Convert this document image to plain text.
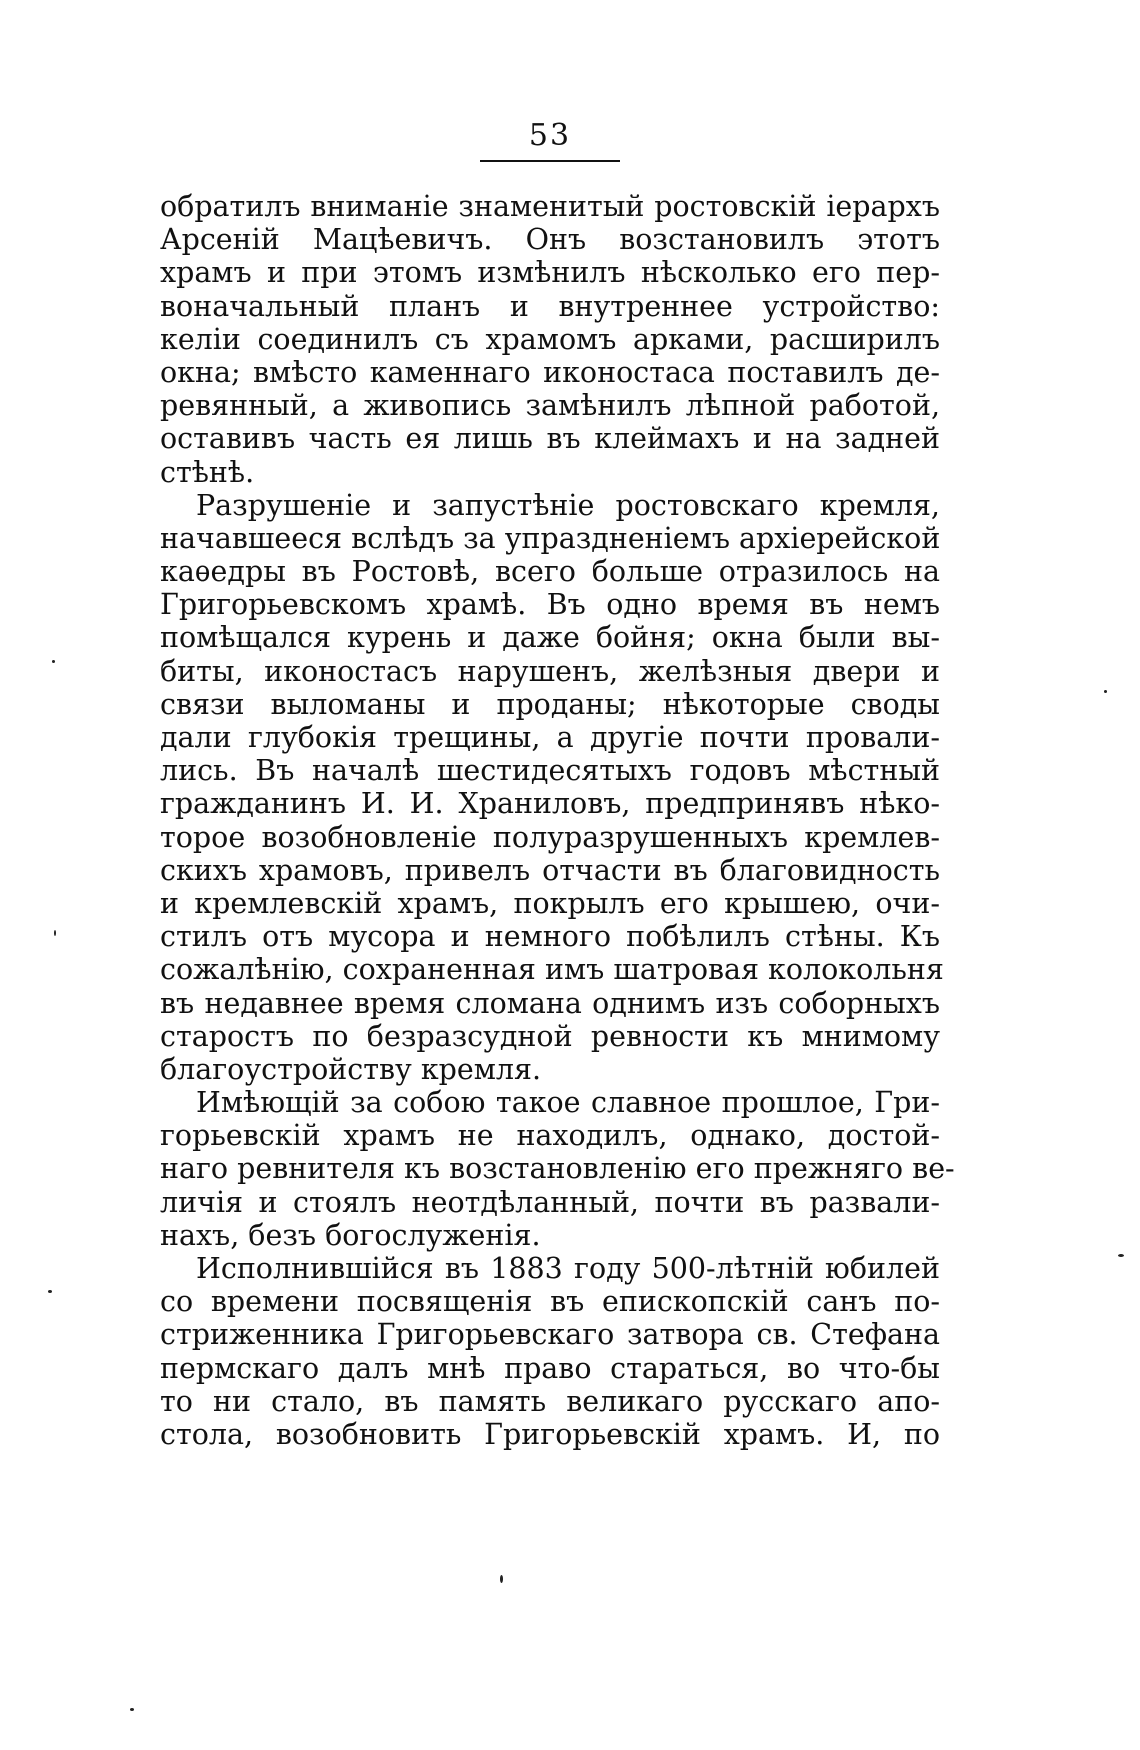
53
обратилъ вниманіе знаменитый ростовскій іерархъ
Арсеній Мацѣевичъ. Онъ возстановилъ этотъ
храмъ и при этомъ измѣнилъ нѣсколько его пер-
воначальный планъ и внутреннее устройство:
келіи соединилъ съ храмомъ арками, расширилъ
окна; вмѣсто каменнаго иконостаса поставилъ де-
ревянный, а живопись замѣнилъ лѣпной работой,
оставивъ часть ея лишь въ клеймахъ и на задней
стѣнѣ.
Разрушеніе и запустѣніе ростовскаго кремля,
начавшееся вслѣдъ за упраздненіемъ архіерейской
каѳедры въ Ростовѣ, всего больше отразилось на
Григорьевскомъ храмѣ. Въ одно время въ немъ
помѣщался курень и даже бойня; окна были вы-
биты, иконостасъ нарушенъ, желѣзныя двери и
связи выломаны и проданы; нѣкоторые своды
дали глубокія трещины, а другіе почти провали-
лись. Въ началѣ шестидесятыхъ годовъ мѣстный
гражданинъ И. И. Храниловъ, предпринявъ нѣко-
торое возобновленіе полуразрушенныхъ кремлев-
скихъ храмовъ, привелъ отчасти въ благовидность
и кремлевскій храмъ, покрылъ его крышею, очи-
стилъ отъ мусора и немного побѣлилъ стѣны. Къ
сожалѣнію, сохраненная имъ шатровая колокольня
въ недавнее время сломана однимъ изъ соборныхъ
старостъ по безразсудной ревности къ мнимому
благоустройству кремля.
Имѣющій за собою такое славное прошлое, Гри-
горьевскій храмъ не находилъ, однако, достой-
наго ревнителя къ возстановленію его прежняго ве-
личія и стоялъ неотдѣланный, почти въ развали-
нахъ, безъ богослуженія.
Исполнившійся въ 1883 году 500-лѣтній юбилей
со времени посвященія въ епископскій санъ по-
стриженника Григорьевскаго затвора св. Стефана
пермскаго далъ мнѣ право стараться, во что-бы
то ни стало, въ память великаго русскаго апо-
стола, возобновить Григорьевскій храмъ. И, по
